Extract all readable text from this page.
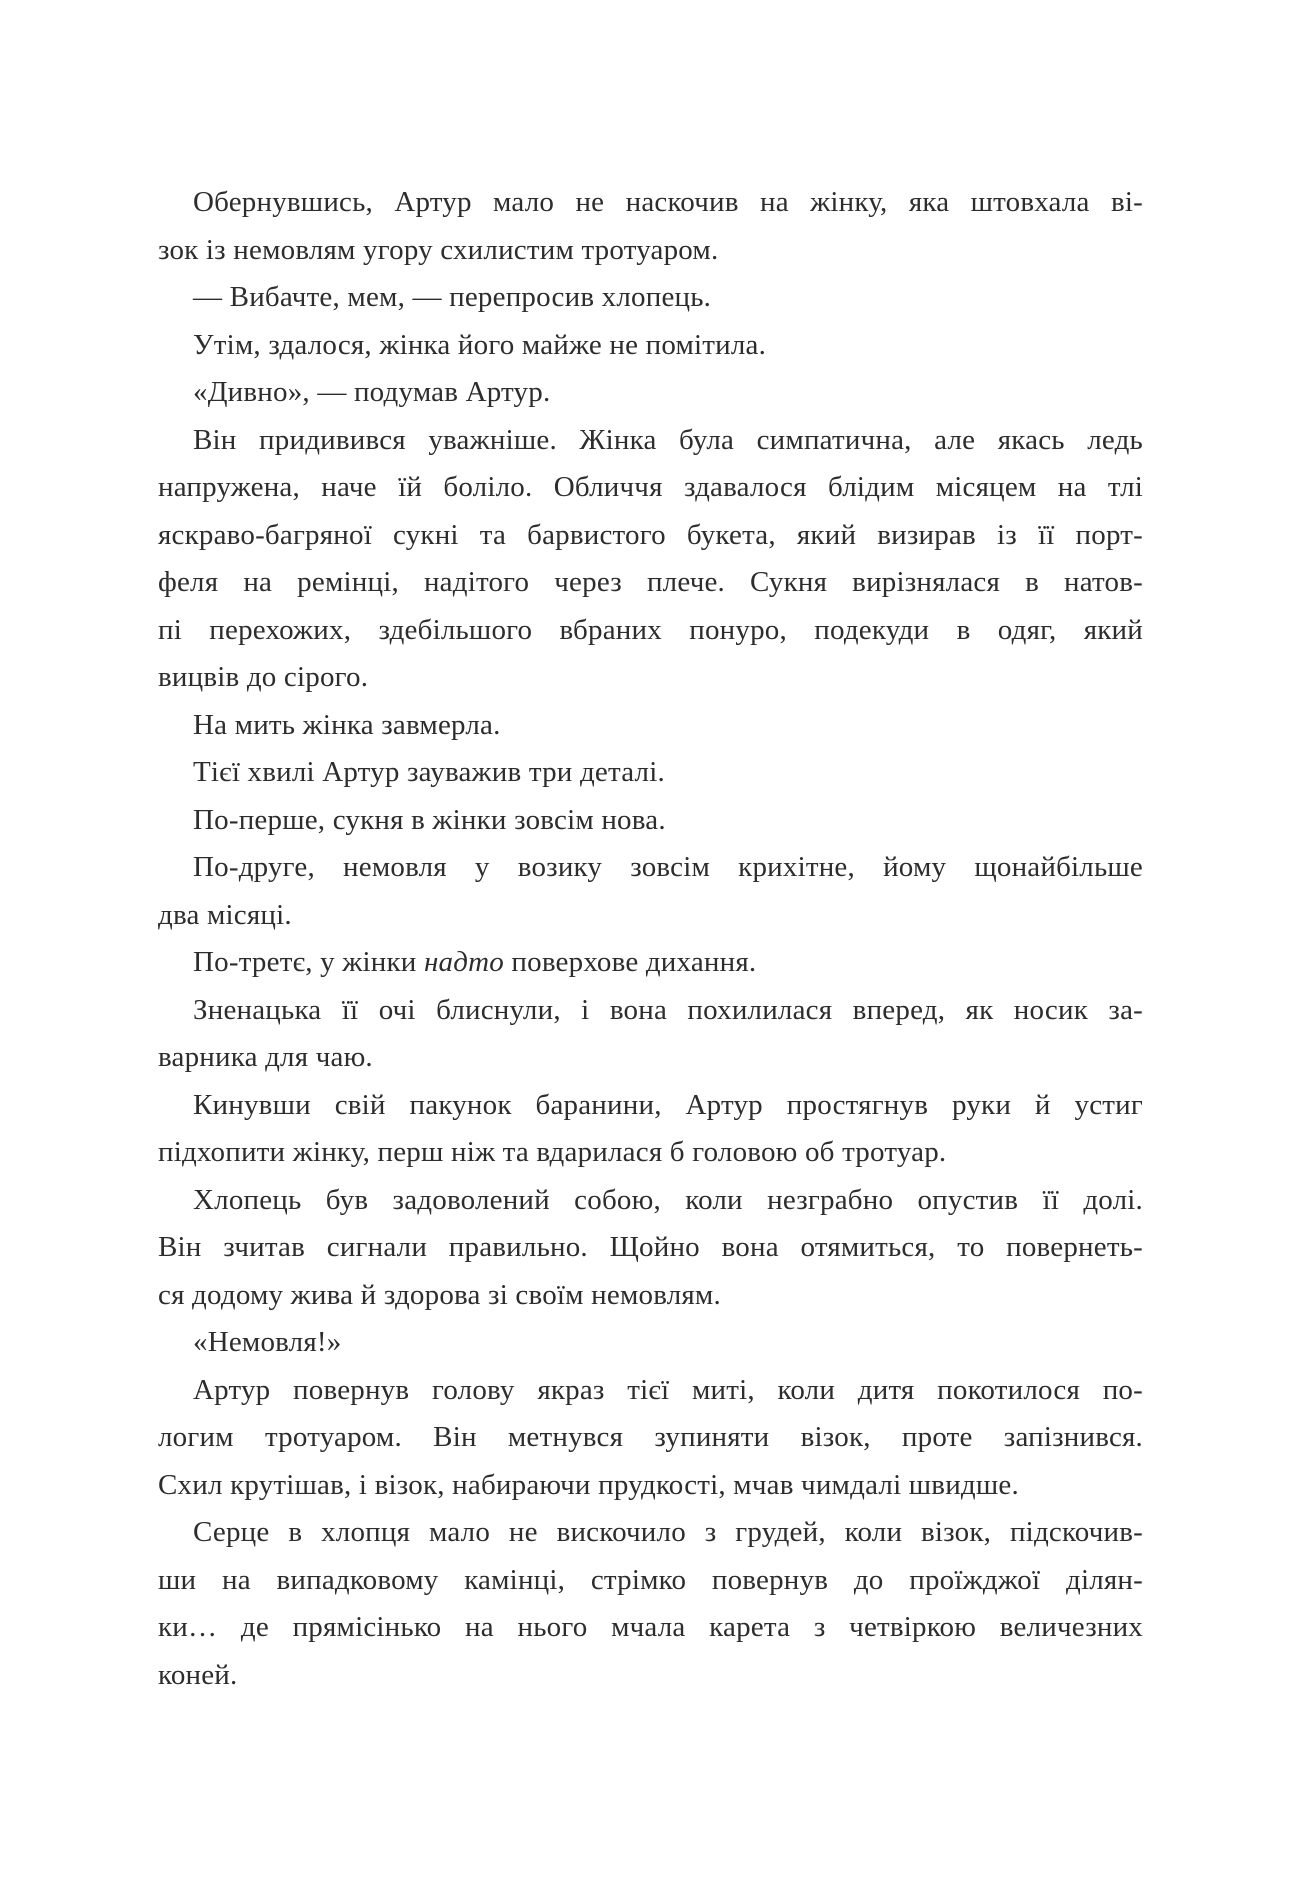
Обернувшись, Артур мало не наскочив на жінку, яка штовхала ві-
зок із немовлям угору схилистим тротуаром.
— Вибачте, мем, — перепросив хлопець.
Утім, здалося, жінка його майже не помітила.
«Дивно», — подумав Артур.
Він придивився уважніше. Жінка була симпатична, але якась ледь
напружена, наче їй боліло. Обличчя здавалося блідим місяцем на тлі
яскраво-багряної сукні та барвистого букета, який визирав із її порт-
феля на ремінці, надітого через плече. Сукня вирізнялася в натов-
пі перехожих, здебільшого вбраних понуро, подекуди в одяг, який
вицвів до сірого.
На мить жінка завмерла.
Тієї хвилі Артур зауважив три деталі.
По-перше, сукня в жінки зовсім нова.
По-друге, немовля у возику зовсім крихітне, йому щонайбільше
два місяці.
По-третє, у жінки надто поверхове дихання.
Зненацька її очі блиснули, і вона похилилася вперед, як носик за-
варника для чаю.
Кинувши свій пакунок баранини, Артур простягнув руки й устиг
підхопити жінку, перш ніж та вдарилася б головою об тротуар.
Хлопець був задоволений собою, коли незграбно опустив її долі.
Він зчитав сигнали правильно. Щойно вона отямиться, то повернеть-
ся додому жива й здорова зі своїм немовлям.
«Немовля!»
Артур повернув голову якраз тієї миті, коли дитя покотилося по-
логим тротуаром. Він метнувся зупиняти візок, проте запізнився.
Схил крутішав, і візок, набираючи прудкості, мчав чимдалі швидше.
Серце в хлопця мало не вискочило з грудей, коли візок, підскочив-
ши на випадковому камінці, стрімко повернув до проїжджої ділян-
ки… де прямісінько на нього мчала карета з четвіркою величезних
коней.
